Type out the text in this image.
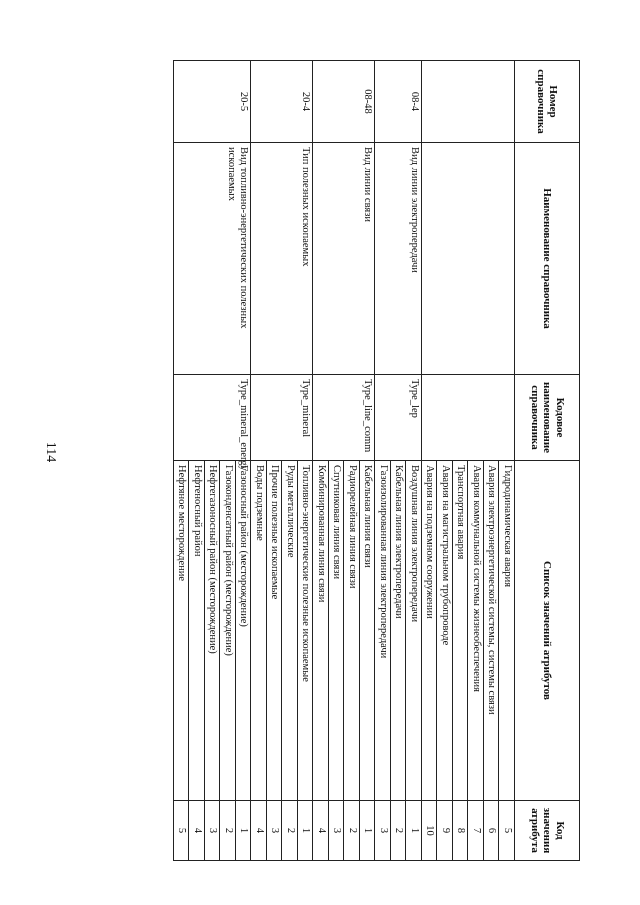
114
Номер справочника	Наименование справочника	Кодовое наименование справочника	Список значений атрибутов	Код значения атрибута
			Гидродинамическая авария	5
			Авария электроэнергетической системы, системы связи	6
			Авария коммунальной системы жизнеобеспечения	7
			Транспортная авария	8
			Авария на магистральном трубопроводе	9
			Авария на подземном сооружении	10
08-4	Вид линии электропередачи	Type_lep	Воздушная линия электропередачи	1
			Кабельная линия электропередачи	2
			Газоизолированная линия электропередачи	3
08-48	Вид линии связи	Type_line_comm	Кабельная линия связи	1
			Радиорелейная линия связи	2
			Спутниковая линия связи	3
			Комбинированная линия связи	4
20-4	Тип полезных ископаемых	Type_mineral	Топливно-энергетические полезные ископаемые	1
			Руды металлические	2
			Прочие полезные ископаемые	3
			Воды подземные	4
20-5	Вид топливно-энергетических полезных ископаемых	Type_mineral_energy	Газоносный район (месторождение)	1
			Газоконденсатный район (месторождение)	2
			Нефтегазоносный район (месторождение)	3
			Нефтеносный район	4
			Нефтяное месторождение	5
